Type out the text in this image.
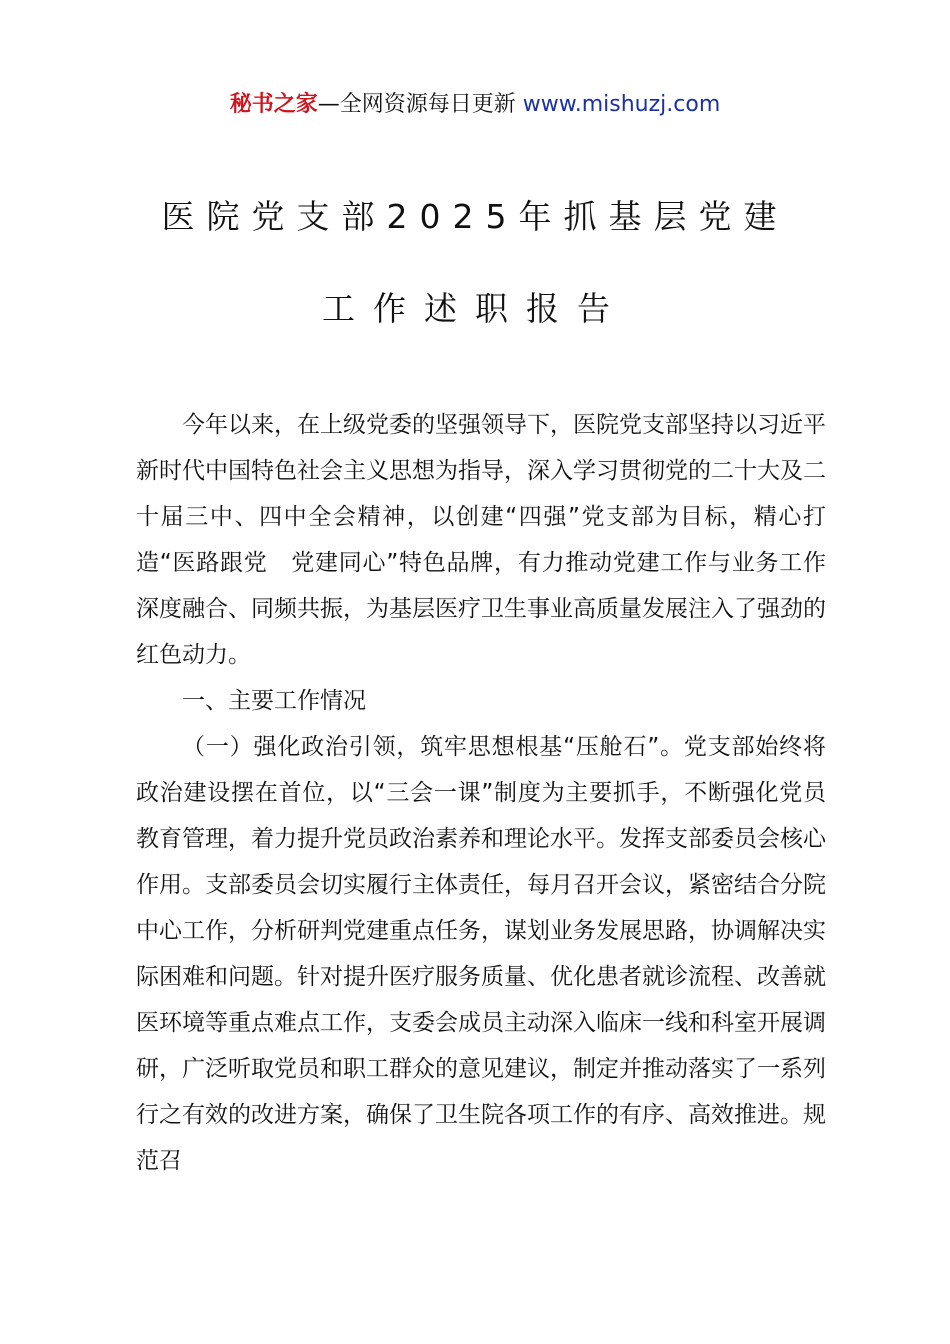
秘书之家—全网资源每日更新 www.mishuzj.com
医院党支部2025年抓基层党建
工作述职报告

今年以来，在上级党委的坚强领导下，医院党支部坚持以习近平新时代中国特色社会主义思想为指导，深入学习贯彻党的二十大及二十届三中、四中全会精神，以创建“四强”党支部为目标，精心打造“医路跟党　党建同心”特色品牌，有力推动党建工作与业务工作深度融合、同频共振，为基层医疗卫生事业高质量发展注入了强劲的红色动力。

一、主要工作情况

（一）强化政治引领，筑牢思想根基“压舱石”。党支部始终将政治建设摆在首位，以“三会一课”制度为主要抓手，不断强化党员教育管理，着力提升党员政治素养和理论水平。发挥支部委员会核心作用。支部委员会切实履行主体责任，每月召开会议，紧密结合分院中心工作，分析研判党建重点任务，谋划业务发展思路，协调解决实际困难和问题。针对提升医疗服务质量、优化患者就诊流程、改善就医环境等重点难点工作，支委会成员主动深入临床一线和科室开展调研，广泛听取党员和职工群众的意见建议，制定并推动落实了一系列行之有效的改进方案，确保了卫生院各项工作的有序、高效推进。规范召
